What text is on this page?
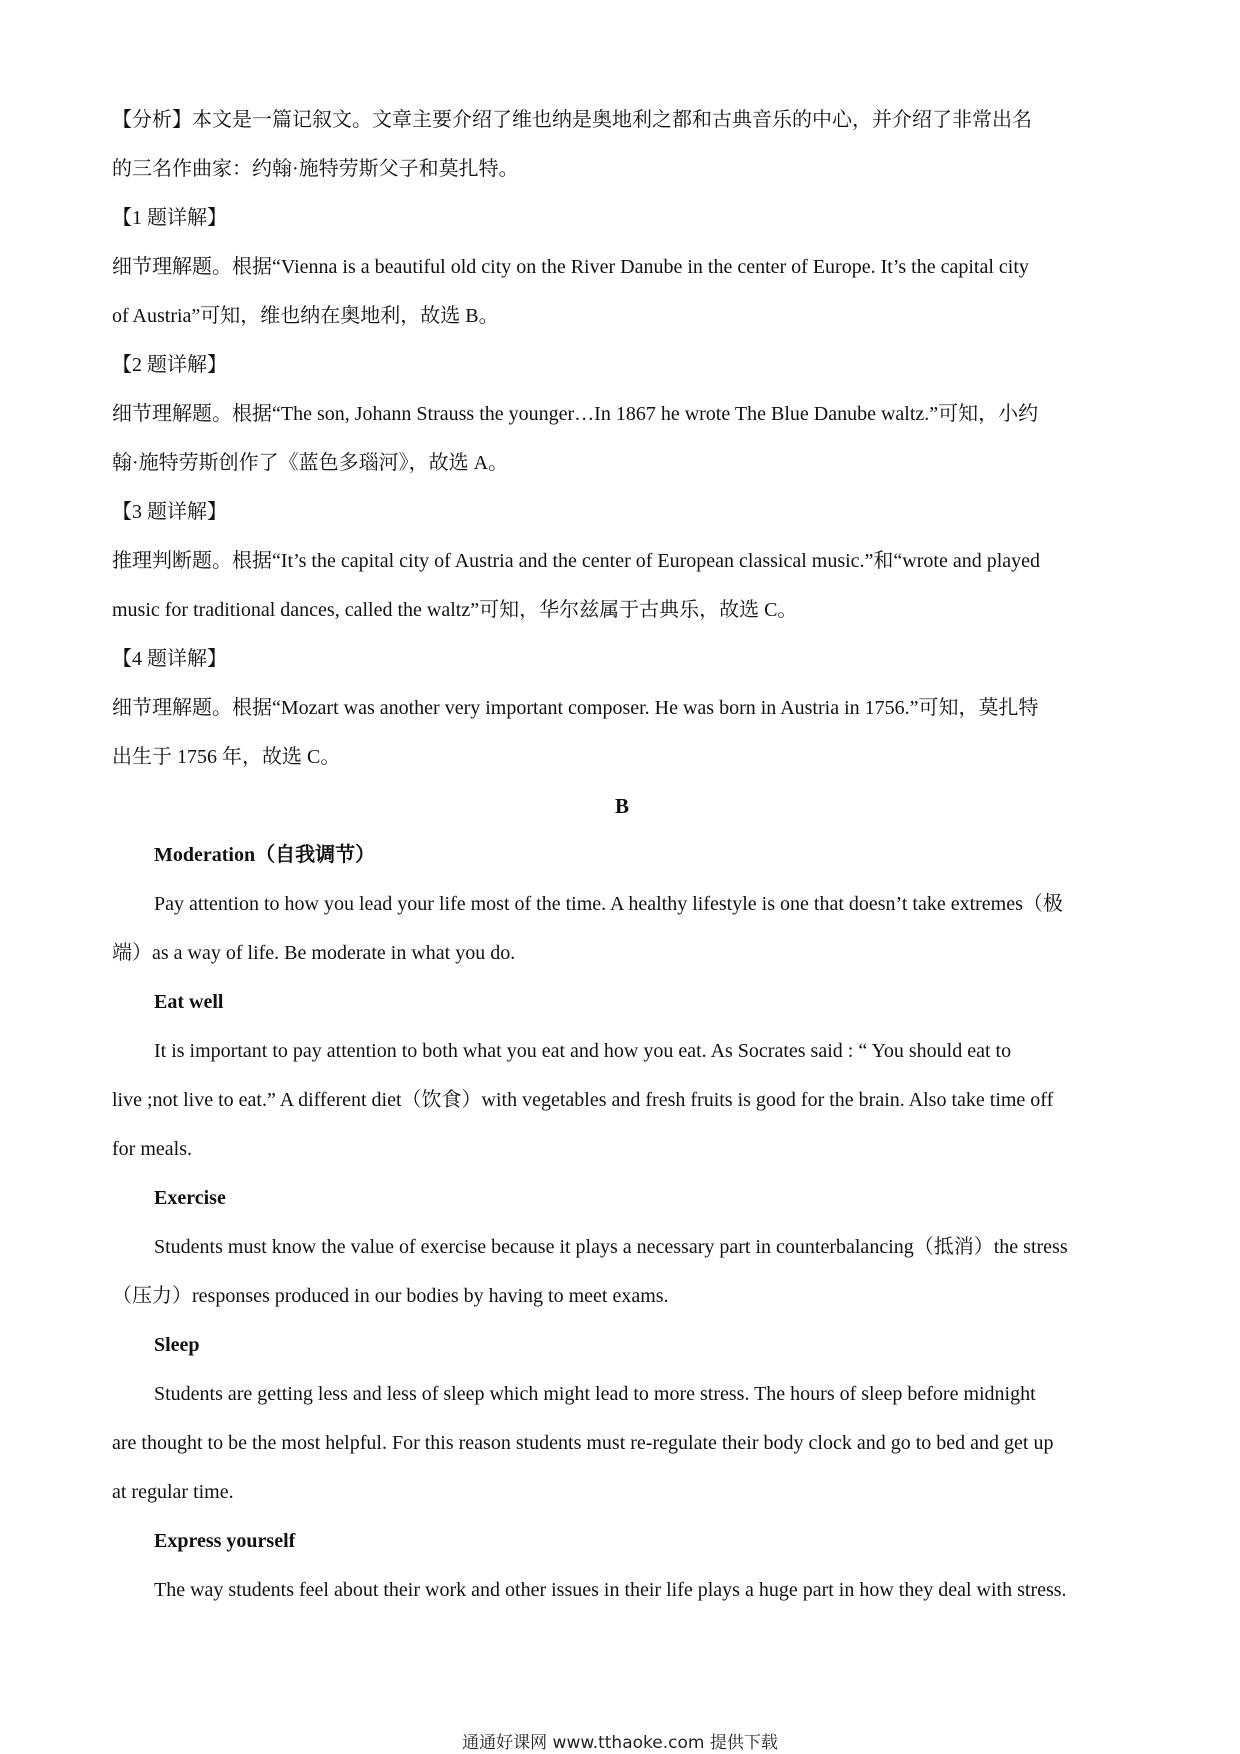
【分析】本文是一篇记叙文。文章主要介绍了维也纳是奥地利之都和古典音乐的中心，并介绍了非常出名
的三名作曲家：约翰·施特劳斯父子和莫扎特。
【1 题详解】
细节理解题。根据“Vienna is a beautiful old city on the River Danube in the center of Europe. It’s the capital city
of Austria”可知，维也纳在奥地利，故选 B。
【2 题详解】
细节理解题。根据“The son, Johann Strauss the younger…In 1867 he wrote The Blue Danube waltz.”可知，小约
翰·施特劳斯创作了《蓝色多瑙河》，故选 A。
【3 题详解】
推理判断题。根据“It’s the capital city of Austria and the center of European classical music.”和“wrote and played
music for traditional dances, called the waltz”可知，华尔兹属于古典乐，故选 C。
【4 题详解】
细节理解题。根据“Mozart was another very important composer. He was born in Austria in 1756.”可知，莫扎特
出生于 1756 年，故选 C。
B
Moderation（自我调节）
Pay attention to how you lead your life most of the time. A healthy lifestyle is one that doesn’t take extremes（极
端）as a way of life. Be moderate in what you do.
Eat well
It is important to pay attention to both what you eat and how you eat. As Socrates said : “ You should eat to
live ;not live to eat.” A different diet（饮食）with vegetables and fresh fruits is good for the brain. Also take time off
for meals.
Exercise
Students must know the value of exercise because it plays a necessary part in counterbalancing（抵消）the stress
（压力）responses produced in our bodies by having to meet exams.
Sleep
Students are getting less and less of sleep which might lead to more stress. The hours of sleep before midnight
are thought to be the most helpful. For this reason students must re-regulate their body clock and go to bed and get up
at regular time.
Express yourself
The way students feel about their work and other issues in their life plays a huge part in how they deal with stress.
通通好课网 www.tthaoke.com 提供下载
